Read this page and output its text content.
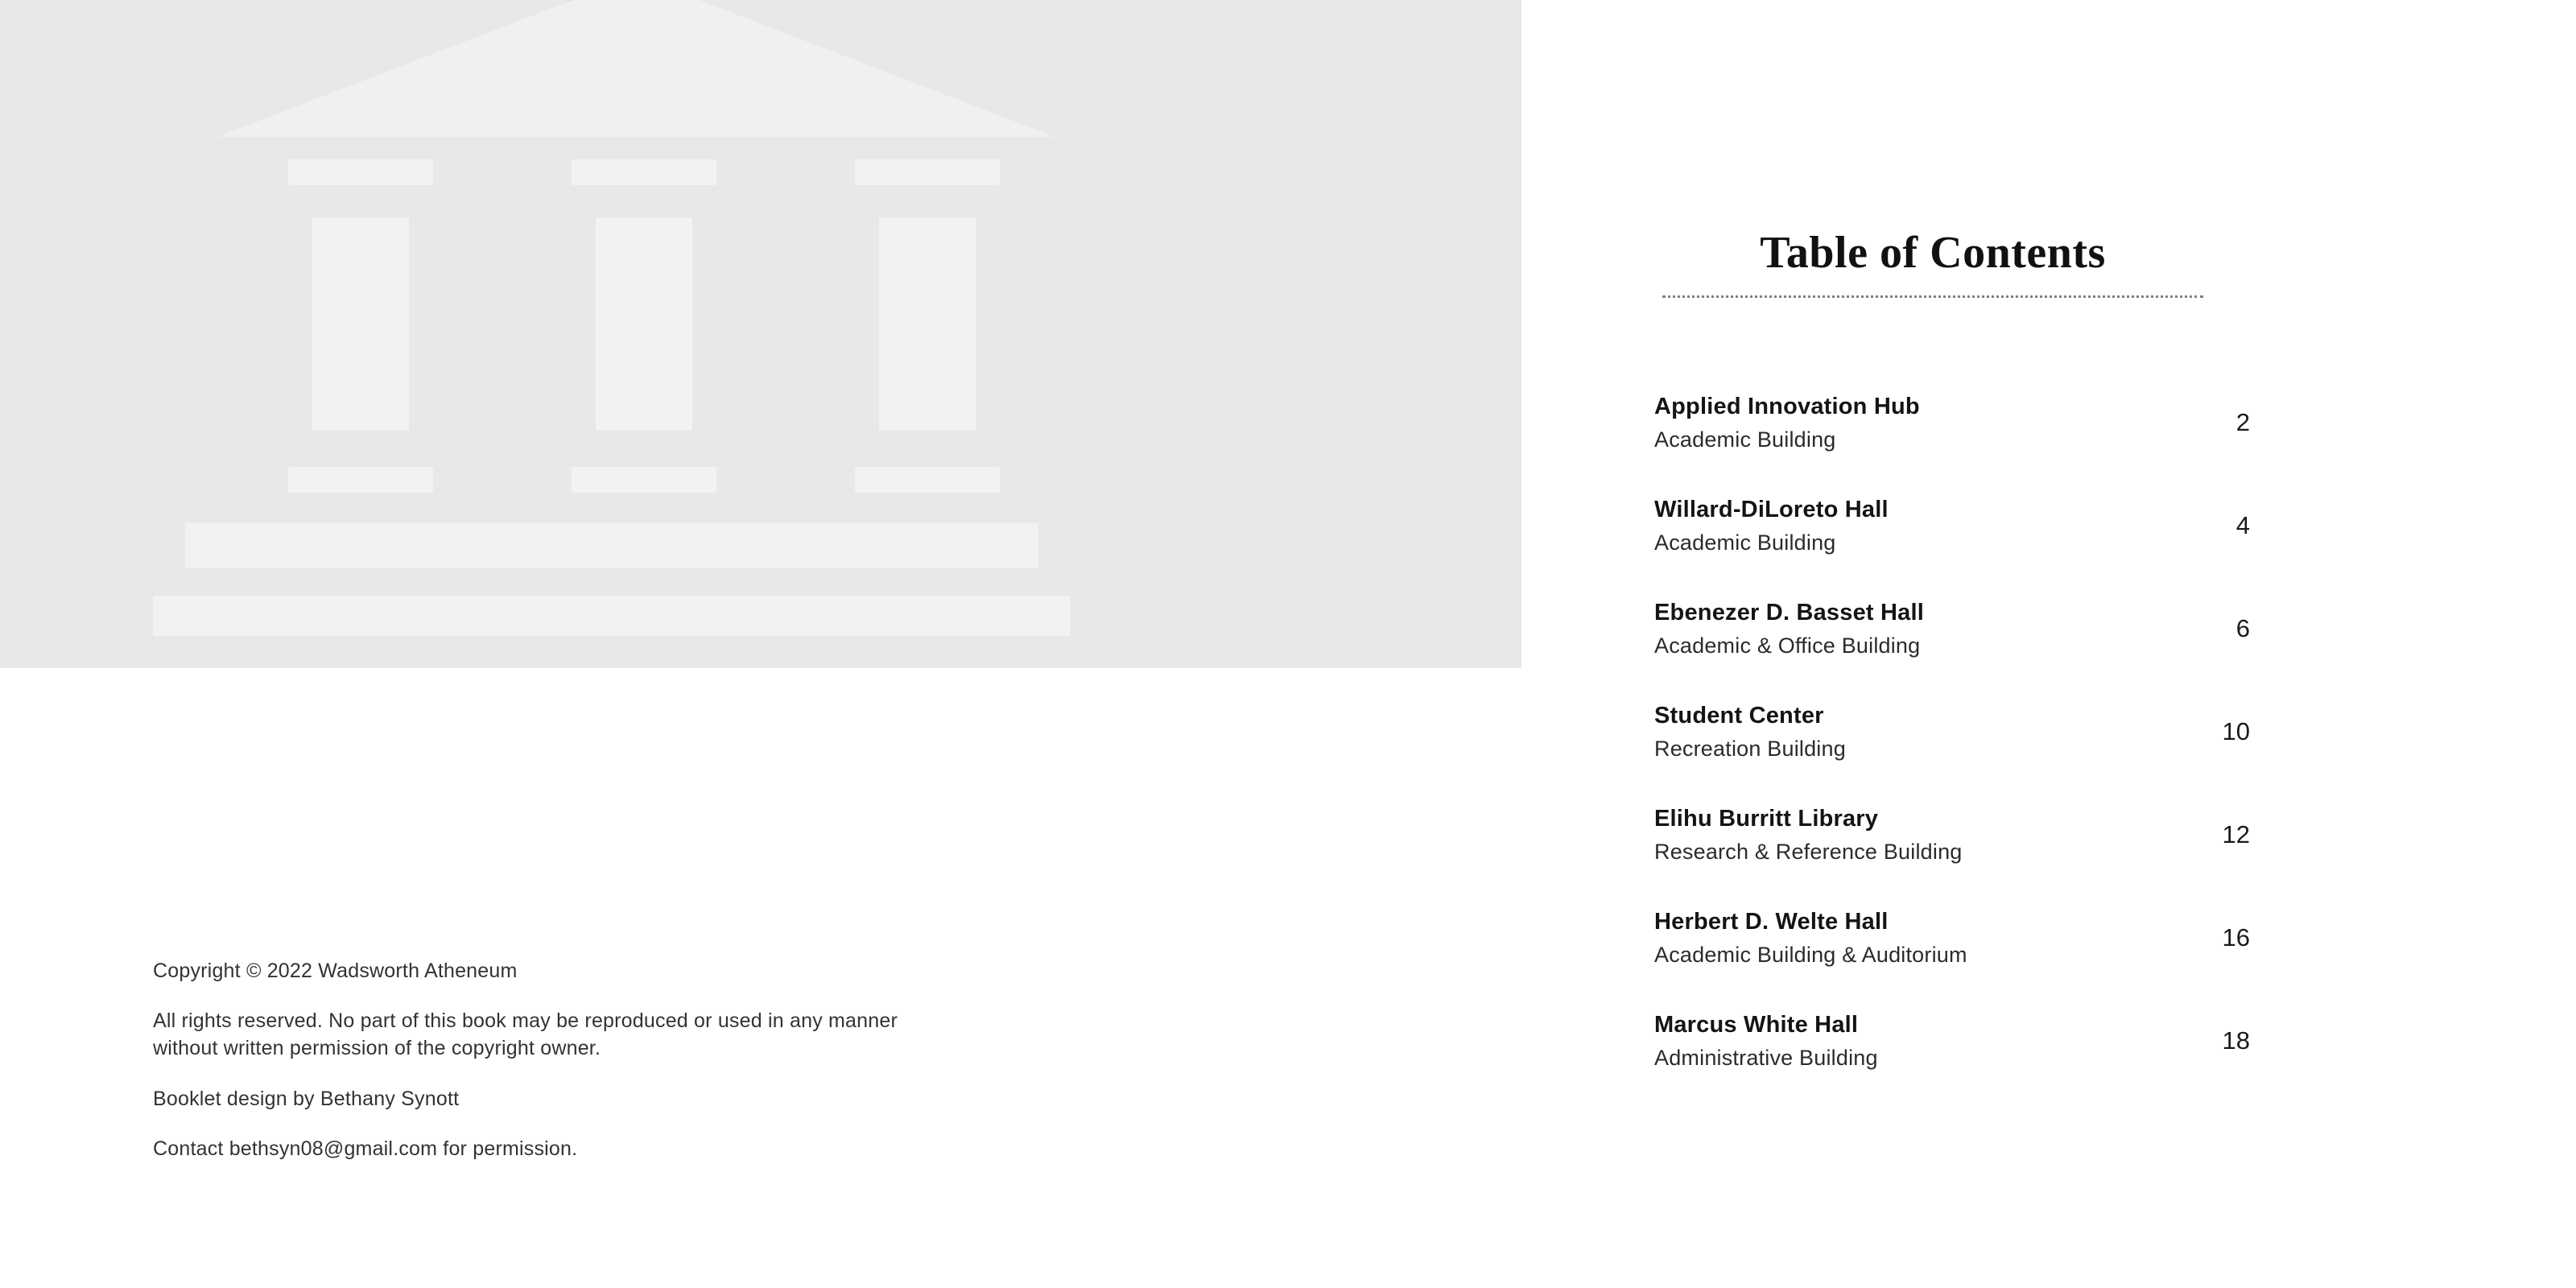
Copyright © 2022 Wadsworth Atheneum

All rights reserved. No part of this book may be reproduced or used in any manner without written permission of the copyright owner.

Booklet design by Bethany Synott

Contact bethsyn08@gmail.com for permission.

Table of Contents
Applied Innovation Hub
Academic Building
2
Willard-DiLoreto Hall
Academic Building
4
Ebenezer D. Basset Hall
Academic & Office Building
6
Student Center
Recreation Building
10
Elihu Burritt Library
Research & Reference Building
12
Herbert D. Welte Hall
Academic Building & Auditorium
16
Marcus White Hall
Administrative Building
18
